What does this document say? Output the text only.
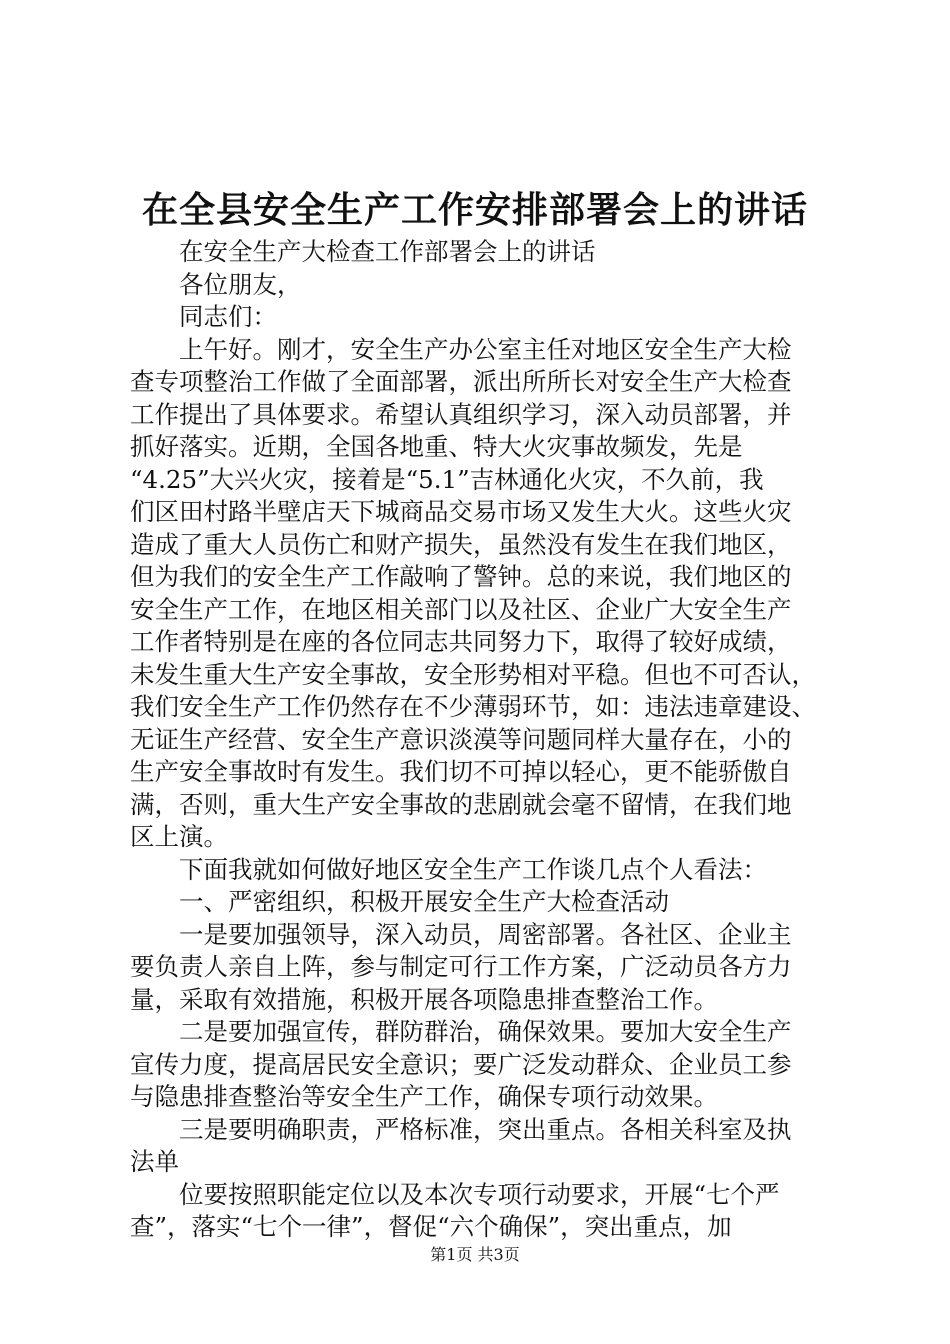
在全县安全生产工作安排部署会上的讲话
在安全生产大检查工作部署会上的讲话
各位朋友，
同志们：
上午好。刚才，安全生产办公室主任对地区安全生产大检
查专项整治工作做了全面部署，派出所所长对安全生产大检查
工作提出了具体要求。希望认真组织学习，深入动员部署，并
抓好落实。近期，全国各地重、特大火灾事故频发，先是
“4.25”大兴火灾，接着是“5.1”吉林通化火灾，不久前，我
们区田村路半壁店天下城商品交易市场又发生大火。这些火灾
造成了重大人员伤亡和财产损失，虽然没有发生在我们地区，
但为我们的安全生产工作敲响了警钟。总的来说，我们地区的
安全生产工作，在地区相关部门以及社区、企业广大安全生产
工作者特别是在座的各位同志共同努力下，取得了较好成绩，
未发生重大生产安全事故，安全形势相对平稳。但也不可否认，
我们安全生产工作仍然存在不少薄弱环节，如：违法违章建设、
无证生产经营、安全生产意识淡漠等问题同样大量存在，小的
生产安全事故时有发生。我们切不可掉以轻心，更不能骄傲自
满，否则，重大生产安全事故的悲剧就会毫不留情，在我们地
区上演。
下面我就如何做好地区安全生产工作谈几点个人看法：
一、严密组织，积极开展安全生产大检查活动
一是要加强领导，深入动员，周密部署。各社区、企业主
要负责人亲自上阵，参与制定可行工作方案，广泛动员各方力
量，采取有效措施，积极开展各项隐患排查整治工作。
二是要加强宣传，群防群治，确保效果。要加大安全生产
宣传力度，提高居民安全意识；要广泛发动群众、企业员工参
与隐患排查整治等安全生产工作，确保专项行动效果。
三是要明确职责，严格标准，突出重点。各相关科室及执
法单
位要按照职能定位以及本次专项行动要求，开展“七个严
查”，落实“七个一律”，督促“六个确保”，突出重点，加
第1页 共3页
